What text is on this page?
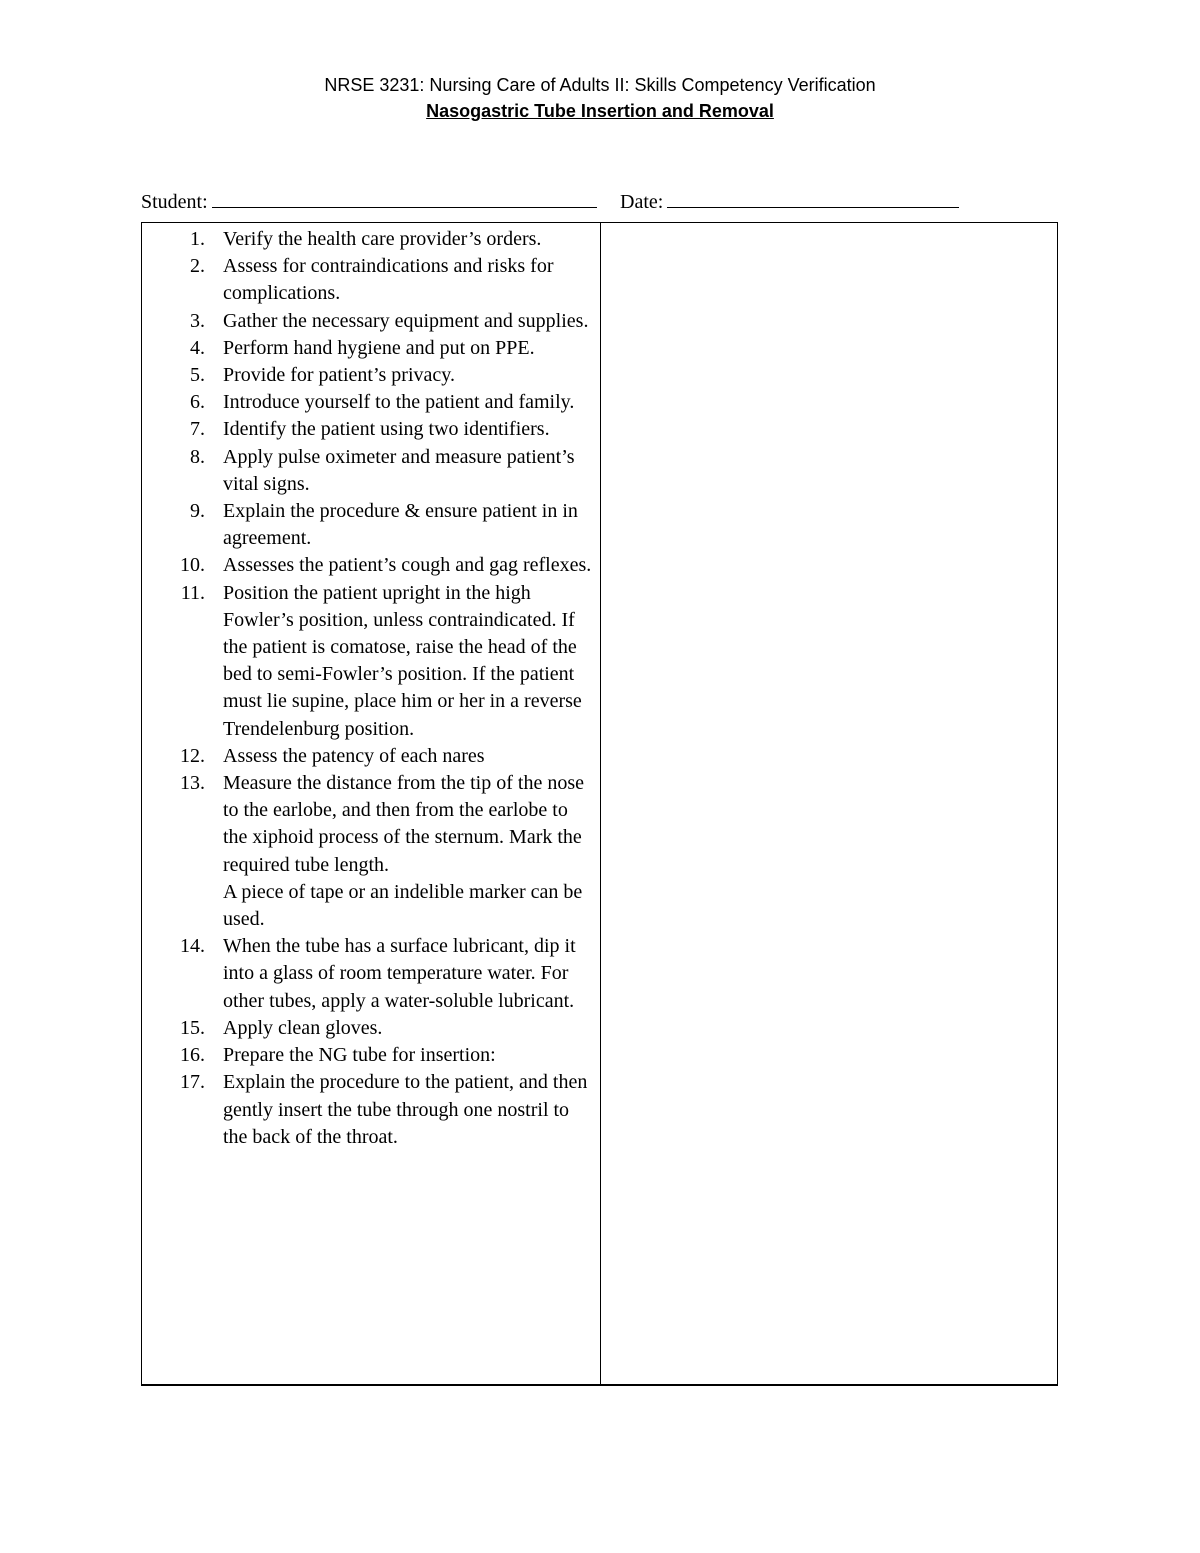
NRSE 3231: Nursing Care of Adults II: Skills Competency Verification
Nasogastric Tube Insertion and Removal
Student:	Date:
1. Verify the health care provider’s orders.
2. Assess for contraindications and risks for complications.
3. Gather the necessary equipment and supplies.
4. Perform hand hygiene and put on PPE.
5. Provide for patient’s privacy.
6. Introduce yourself to the patient and family.
7. Identify the patient using two identifiers.
8. Apply pulse oximeter and measure patient’s vital signs.
9. Explain the procedure & ensure patient in in agreement.
10. Assesses the patient’s cough and gag reflexes.
11. Position the patient upright in the high Fowler’s position, unless contraindicated. If the patient is comatose, raise the head of the bed to semi-Fowler’s position. If the patient must lie supine, place him or her in a reverse Trendelenburg position.
12. Assess the patency of each nares
13. Measure the distance from the tip of the nose to the earlobe, and then from the earlobe to the xiphoid process of the sternum. Mark the required tube length.
A piece of tape or an indelible marker can be used.
14. When the tube has a surface lubricant, dip it into a glass of room temperature water. For other tubes, apply a water-soluble lubricant.
15. Apply clean gloves.
16. Prepare the NG tube for insertion:
17. Explain the procedure to the patient, and then gently insert the tube through one nostril to the back of the throat.
